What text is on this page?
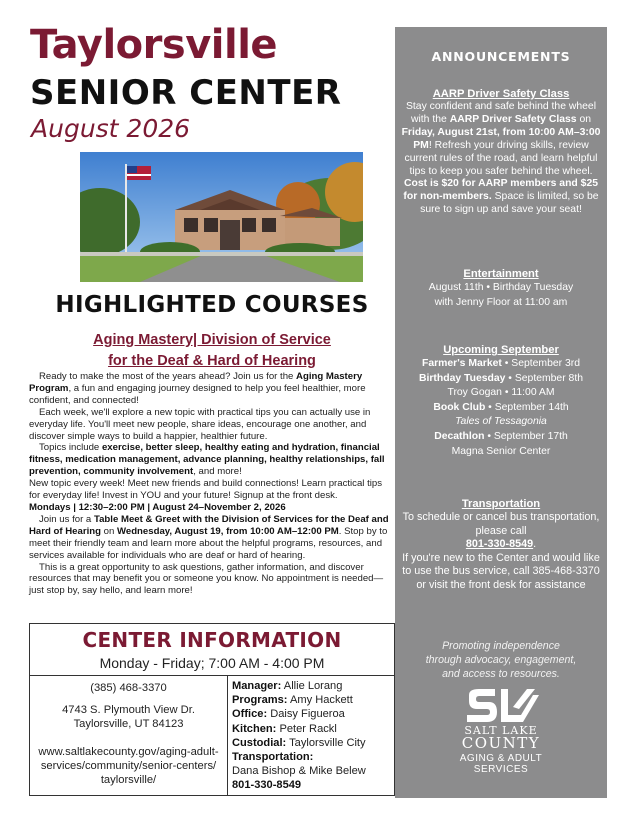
Taylorsville
SENIOR CENTER
August 2026
HIGHLIGHTED COURSES
Aging Mastery| Division of Service
for the Deaf & Hard of Hearing

Ready to make the most of the years ahead? Join us for the Aging Mastery Program, a fun and engaging journey designed to help you feel healthier, more confident, and connected!

Each week, we'll explore a new topic with practical tips you can actually use in everyday life. You'll meet new people, share ideas, encourage one another, and discover simple ways to build a happier, healthier future.

Topics include exercise, better sleep, healthy eating and hydration, financial fitness, medication management, advance planning, healthy relationships, fall prevention, community involvement, and more!

New topic every week! Meet new friends and build connections! Learn practical tips for everyday life! Invest in YOU and your future! Signup at the front desk.

Mondays | 12:30–2:00 PM | August 24–November 2, 2026

Join us for a Table Meet & Greet with the Division of Services for the Deaf and Hard of Hearing on Wednesday, August 19, from 10:00 AM–12:00 PM. Stop by to meet their friendly team and learn more about the helpful programs, resources, and services available for individuals who are deaf or hard of hearing.

This is a great opportunity to ask questions, gather information, and discover resources that may benefit you or someone you know. No appointment is needed—just stop by, say hello, and learn more!

CENTER INFORMATION
Monday - Friday; 7:00 AM - 4:00 PM
(385) 468-3370
4743 S. Plymouth View Dr.
Taylorsville, UT 84123
www.saltlakecounty.gov/aging-adult-
services/community/senior-centers/
taylorsville/
Manager: Allie Lorang
Programs: Amy Hackett
Office: Daisy Figueroa
Kitchen: Peter Rackl
Custodial: Taylorsville City
Transportation:
Dana Bishop & Mike Belew
801-330-8549
ANNOUNCEMENTS
AARP Driver Safety Class
Stay confident and safe behind the wheel with the AARP Driver Safety Class on Friday, August 21st, from 10:00 AM–3:00 PM! Refresh your driving skills, review current rules of the road, and learn helpful tips to keep you safer behind the wheel.
Cost is $20 for AARP members and $25 for non-members. Space is limited, so be sure to sign up and save your seat!
Entertainment
August 11th • Birthday Tuesday
with Jenny Floor at 11:00 am
Upcoming September
Farmer's Market • September 3rd
Birthday Tuesday • September 8th
Troy Gogan • 11:00 AM
Book Club • September 14th
Tales of Tessagonia
Decathlon • September 17th
Magna Senior Center
Transportation
To schedule or cancel bus transportation, please call
801-330-8549.
If you're new to the Center and would like to use the bus service, call 385-468-3370 or visit the front desk for assistance
Promoting independence
through advocacy, engagement,
and access to resources.
SALT LAKE
COUNTY
AGING & ADULT
SERVICES
